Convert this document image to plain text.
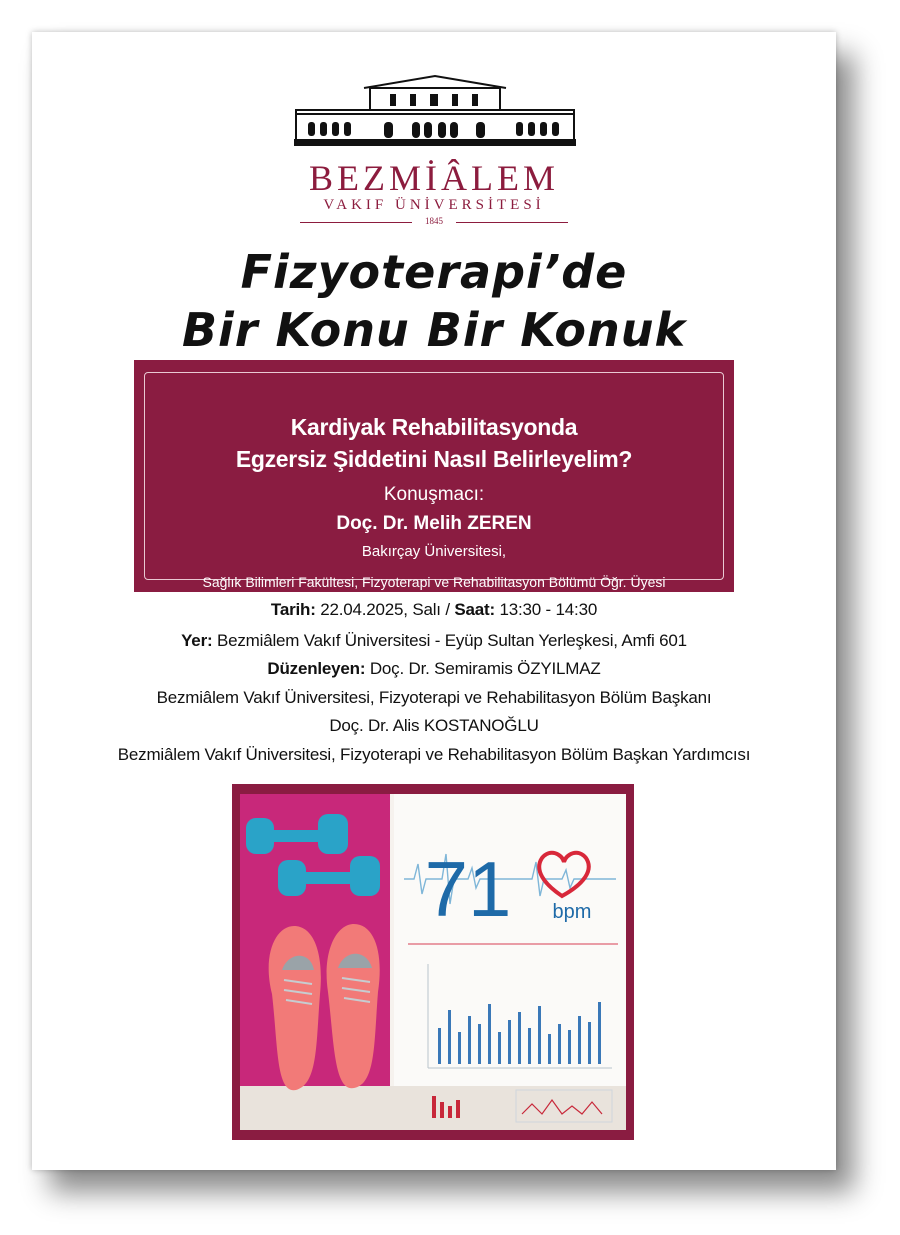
BEZMİÂLEM
VAKIF ÜNİVERSİTESİ
1845
Fizyoterapi’de
Bir Konu Bir Konuk
Kardiyak Rehabilitasyonda
Egzersiz Şiddetini Nasıl Belirleyelim?
Konuşmacı:
Doç. Dr. Melih ZEREN
Bakırçay Üniversitesi,
Sağlık Bilimleri Fakültesi, Fizyoterapi ve Rehabilitasyon Bölümü Öğr. Üyesi
Tarih: 22.04.2025, Salı / Saat: 13:30 - 14:30
Yer: Bezmiâlem Vakıf Üniversitesi - Eyüp Sultan Yerleşkesi, Amfi 601
Düzenleyen: Doç. Dr. Semiramis ÖZYILMAZ
Bezmiâlem Vakıf Üniversitesi, Fizyoterapi ve Rehabilitasyon Bölüm Başkanı
Doç. Dr. Alis KOSTANOĞLU
Bezmiâlem Vakıf Üniversitesi, Fizyoterapi ve Rehabilitasyon Bölüm Başkan Yardımcısı
71 bpm
